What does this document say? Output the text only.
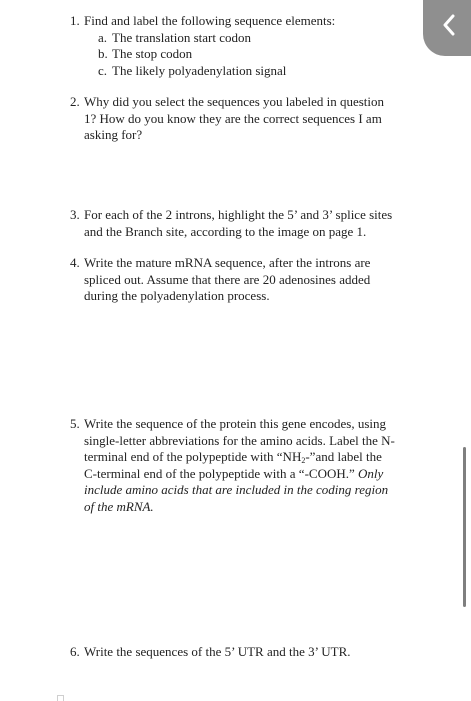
1. Find and label the following sequence elements:
a. The translation start codon
b. The stop codon
c. The likely polyadenylation signal
2. Why did you select the sequences you labeled in question
1? How do you know they are the correct sequences I am
asking for?
3. For each of the 2 introns, highlight the 5’ and 3’ splice sites
and the Branch site, according to the image on page 1.
4. Write the mature mRNA sequence, after the introns are
spliced out. Assume that there are 20 adenosines added
during the polyadenylation process.
5. Write the sequence of the protein this gene encodes, using
single-letter abbreviations for the amino acids. Label the N-
terminal end of the polypeptide with “$NH_2-”and$ label the
C-terminal end of the polypeptide with a “-COOH.” Only
include amino acids that are included in the coding region
of the mRNA.
6. Write the sequences of the 5’ UTR and the 3’ UTR.
